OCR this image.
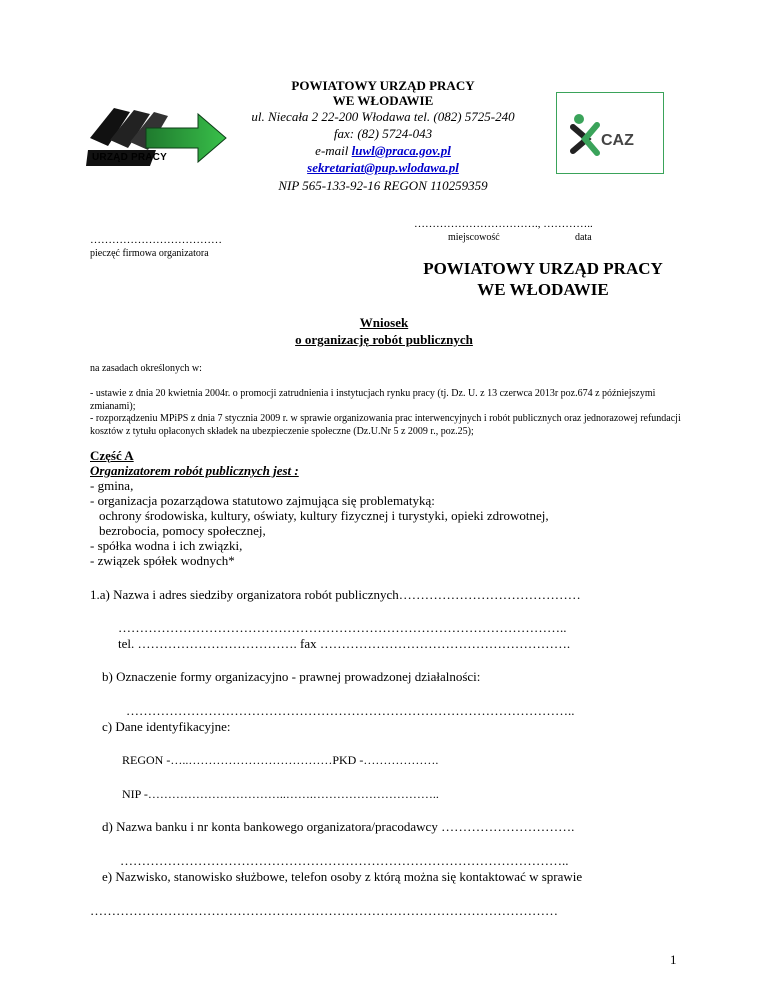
URZĄD PRACY
POWIATOWY URZĄD PRACY
WE WŁODAWIE
ul. Niecała 2 22-200 Włodawa tel. (082) 5725-240
fax: (82) 5724-043
e-mail luwl@praca.gov.pl
sekretariat@pup.wlodawa.pl
NIP 565-133-92-16 REGON 110259359
CAZ
……………………………., …………..
miejscowość	data
………………………………
pieczęć firmowa organizatora
POWIATOWY URZĄD PRACY
WE WŁODAWIE
Wniosek
o organizację robót publicznych
na zasadach określonych w:
- ustawie z dnia 20 kwietnia 2004r. o promocji zatrudnienia i instytucjach rynku pracy (tj. Dz. U. z 13 czerwca 2013r poz.674 z późniejszymi zmianami);
- rozporządzeniu MPiPS z dnia 7 stycznia 2009 r. w sprawie organizowania prac interwencyjnych i robót publicznych oraz jednorazowej refundacji kosztów z tytułu opłaconych składek na ubezpieczenie społeczne (Dz.U.Nr 5 z 2009 r., poz.25);
Część A
Organizatorem robót publicznych jest :
- gmina,
- organizacja pozarządowa statutowo zajmująca się problematyką:
ochrony środowiska, kultury, oświaty, kultury fizycznej i turystyki, opieki zdrowotnej,
bezrobocia, pomocy społecznej,
- spółka wodna i ich związki,
- związek spółek wodnych*
1.a) Nazwa i adres siedziby organizatora robót publicznych……………………………………
…………………………………………………………………………………………..
tel. ………………………………. fax ………………………………………………….
b) Oznaczenie formy organizacyjno - prawnej prowadzonej działalności:
…………………………………………………………………………………………..
c) Dane identyfikacyjne:
REGON -…..………………………………PKD -……………….
NIP -……………………………..…….…………………………..
d) Nazwa banku i nr konta bankowego organizatora/pracodawcy ………………………….
…………………………………………………………………………………………..
e) Nazwisko, stanowisko służbowe, telefon osoby z którą można się kontaktować w sprawie
………………………………………………………………………………………………
1
